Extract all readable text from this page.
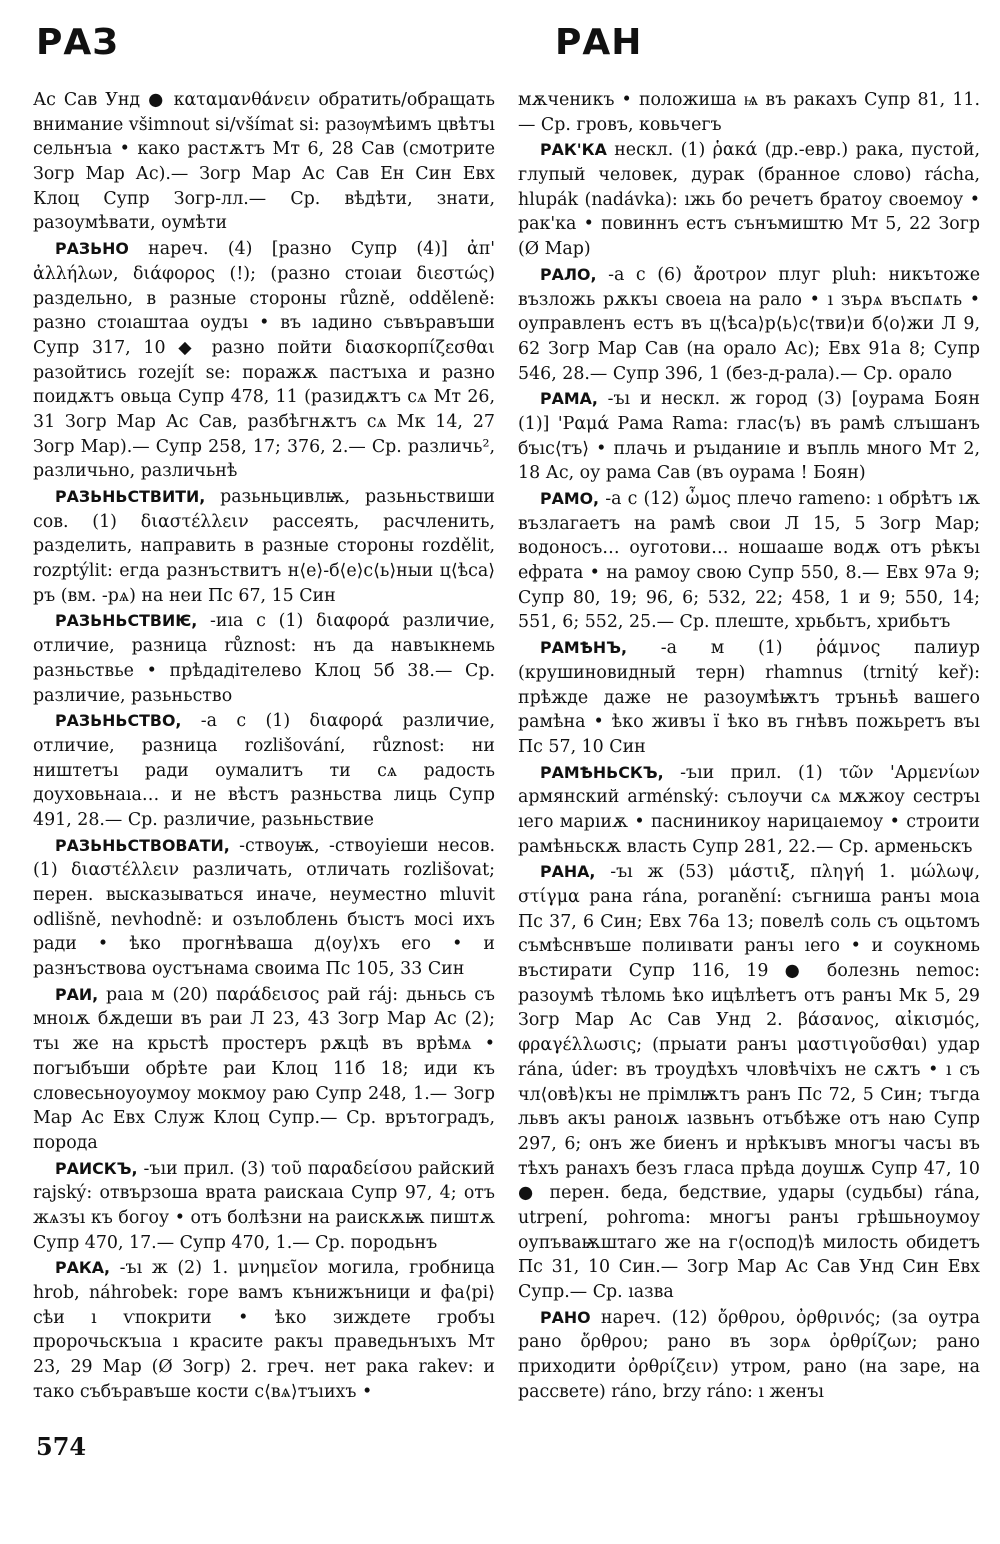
РАЗ	РАН

Ас Сав Унд ● καταμανθάνειν обратить/обращать внимание všimnout si/všímat si: разѹмѣимъ цвѣтъı сельнъıа • како растѫтъ Мт 6, 28 Сав (смотрите Зогр Мар Ас).— Зогр Мар Ас Сав Ен Син Евх Клоц Супр Зогр-лл.— Ср. вѣдѣти, знати, разоумѣвати, оумѣти

РАЗЬНО нареч. (4) [разно Супр (4)] ἀπ' ἀλλήλων, διάφορος (!); (разно стоıаи διεστώς) раздельно, в разные стороны různě, odděleně: разно стоıаштаа оудъı • въ ıадино съвъравъши Супр 317, 10 ◆ разно пойти διασκορπίζεσθαι разойтись rozejít se: поражѫ пастъıха и разно поидѫтъ овьца Супр 478, 11 (разидѫтъ сѧ Мт 26, 31 Зогр Мар Ас Сав, разбѣгнѫтъ сѧ Мк 14, 27 Зогр Мар).— Супр 258, 17; 376, 2.— Ср. различь², различьно, различьнѣ

РАЗЬНЬСТВИТИ, разьньцивлѭ, разьньствиши сов. (1) διαστέλλειν рассеять, расчленить, разделить, направить в разные стороны rozdělit, rozptýlit: егда разнъствитъ н⟨е⟩-б⟨е⟩с⟨ь⟩ныи ц⟨ѣса⟩ръ (вм. -рѧ) на неи Пс 67, 15 Син

РАЗЬНЬСТВИѤ, -иıа с (1) διαφορά различие, отличие, разница různost: нъ да навъıкнемь разньствье • прѣдадітелево Клоц 5б 38.— Ср. различие, разьньство

РАЗЬНЬСТВО, -а с (1) διαφορά различие, отличие, разница rozlišování, různost: ни ништетъı ради оумалитъ ти сѧ радость доуховьнаıа… и не вѣстъ разньства лиць Супр 491, 28.— Ср. различие, разьньствие

РАЗЬНЬСТВОВАТИ, -ствоуѭ, -ствоуіеши несов. (1) διαστέλλειν различать, отличать rozlišovat; перен. высказываться иначе, неуместно mluvit odlišně, nevhodně: и озълоблень бъıстъ мосі ихъ ради • ѣко прогнѣваша д⟨оу⟩хъ его • и разнъствова оустънама своима Пс 105, 33 Син

РАИ, раıа м (20) παράδεισος рай ráj: дьньсь съ мноıѫ бѫдеши въ раи Л 23, 43 Зогр Мар Ас (2); тъı же на крьстѣ простеръ рѫцѣ въ врѣмѧ • погъıбъши обрѣте раи Клоц 11б 18; иди къ словесьноуоумоу мокмоу раю Супр 248, 1.— Зогр Мар Ас Евх Служ Клоц Супр.— Ср. врътоградъ, порода

РАИСКЪ, -ъıи прил. (3) τοῦ παραδείσου райский rajský: отвързоша врата раискаıа Супр 97, 4; отъ жѧзъı къ богоу • отъ болѣзни на раискѫѭ пиштѫ Супр 470, 17.— Супр 470, 1.— Ср. породьнъ

РАКА, -ъı ж (2) 1. μνημεῖον могила, гробница hrob, náhrobek: горе вамъ кънижъници и фа⟨рі⟩сѣи ı ѵпокрити • ѣко зиждете гробъı пророчьскъııа ı красите ракъı праведьнъıхъ Мт 23, 29 Мар (Ø Зогр) 2. греч. нет рака rakev: и тако събъравъше кости с⟨вѧ⟩тъıихъ •

мѫченикъ • положиша ѩ въ ракахъ Супр 81, 11.— Ср. гровъ, ковьчегъ

РАК'КА нескл. (1) ῥακά (др.-евр.) рака, пустой, глупый человек, дурак (бранное слово) rácha, hlupák (nadávka): ıжь бо речетъ братоу своемоу • рак'ка • повиннъ естъ сънъмиштю Мт 5, 22 Зогр (Ø Мар)

РАЛО, -а с (6) ἄροτρον плуг pluh: никътоже възложь рѫкъı своеıа на рало • ı зърѧ въспѧть • оуправленъ естъ въ ц⟨ѣса⟩р⟨ь⟩с⟨тви⟩и б⟨о⟩жи Л 9, 62 Зогр Мар Сав (на орало Ас); Евх 91а 8; Супр 546, 28.— Супр 396, 1 (без-д-рала).— Ср. орало

РАМА, -ъı и нескл. ж город (3) [оурама Боян (1)] 'Ραμά Рама Rama: глас⟨ъ⟩ въ рамѣ слъıшанъ бъıс⟨тъ⟩ • плачь и ръıданиıе и въпль много Мт 2, 18 Ас, оу рама Сав (въ оурама ! Боян)

РАМО, -а с (12) ὦμος плечо rameno: ı обрѣтъ ıѫ възлагаетъ на рамѣ свои Л 15, 5 Зогр Мар; водоносъ… оуготови… ношааше водѫ отъ рѣкъı ефрата • на рамоу свою Супр 550, 8.— Евх 97а 9; Супр 80, 19; 96, 6; 532, 22; 458, 1 и 9; 550, 14; 551, 6; 552, 25.— Ср. плеште, хрьбьтъ, хрибьтъ

РАМѢНЪ, -а м (1) ῥάμνος палиур (крушиновидный терн) rhamnus (trnitý keř): прѣжде даже не разоумѣѭтъ тръньѣ вашего рамѣна • ѣко живъı ї ѣко въ гнѣвъ пожьретъ въı Пс 57, 10 Син

РАМѢНЬСКЪ, -ъıи прил. (1) τῶν 'Αρμενίων армянский arménský: сълоучи сѧ мѫжоу сестръı ıего марıиѫ • пасниникоу нарицаıемоу • строити рамѣньскѫ власть Супр 281, 22.— Ср. арменьскъ

РАНА, -ъı ж (53) μάστιξ, πληγή 1. μώλωψ, στίγμα рана rána, poranění: съгниша ранъı моıа Пс 37, 6 Син; Евх 76а 13; повелѣ соль съ оцьтомъ съмѣснвъше полиıвати ранъı ıего • и соукномь въстирати Супр 116, 19 ● болезнь nemoc: разоумѣ тѣломь ѣко ицѣлѣетъ отъ ранъı Мк 5, 29 Зогр Мар Ас Сав Унд 2. βάσανος, αἰκισμός, φραγέλλωσις; (прыати ранъı μαστιγοῦσθαι) удар rána, úder: въ троудѣхъ чловѣчіхъ не сѫтъ • ı съ чл⟨овѣ⟩къı не прімлѭтъ ранъ Пс 72, 5 Син; тъгда львъ акъı раноıѫ ıазвьнъ отъбѣже отъ наю Супр 297, 6; онъ же биенъ и нрѣкъıвъ многъı часъı въ тѣхъ ранахъ безъ гласа прѣда доушѫ Супр 47, 10 ● перен. беда, бедствие, удары (судьбы) rána, utrpení, pohroma: многъı ранъı грѣшьноумоу оупъваѭштаго же на г⟨оспод⟩ѣ милость обидетъ Пс 31, 10 Син.— Зогр Мар Ас Сав Унд Син Евх Супр.— Ср. ıазва

РАНО нареч. (12) ὄρθρου, ὀρθρινός; (за оутра рано ὄρθρου; рано въ зорѧ ὀρθρίζων; рано приходити ὀρθρίζειν) утром, рано (на заре, на рассвете) ráno, brzy ráno: ı женъı

574
